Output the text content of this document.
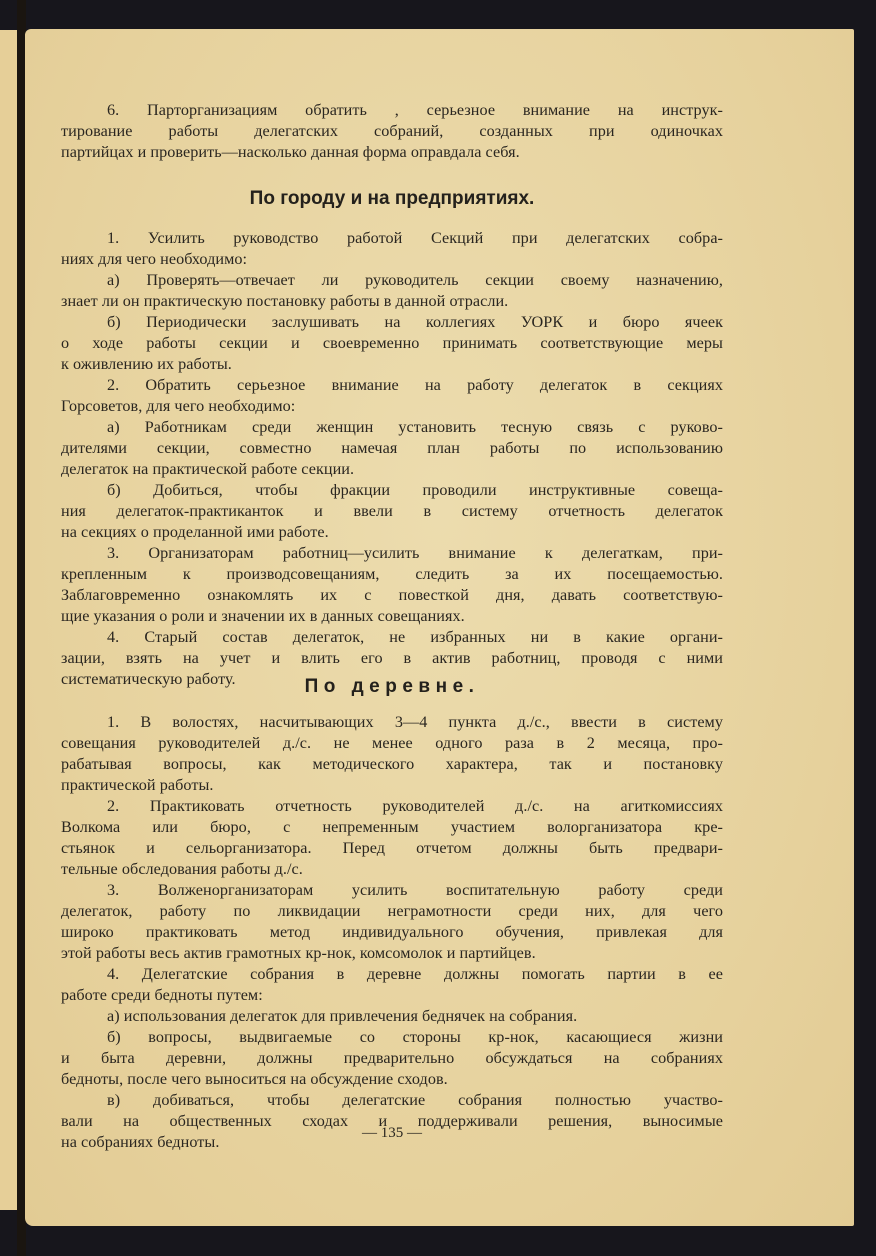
6. Парторганизациям обратить , серьезное внимание на инструк-
тирование работы делегатских собраний, созданных при одиночках
партийцах и проверить—насколько данная форма оправдала себя.
По городу и на предприятиях.
1. Усилить руководство работой Секций при делегатских собра-
ниях для чего необходимо:
а) Проверять—отвечает ли руководитель секции своему назначению,
знает ли он практическую постановку работы в данной отрасли.
б) Периодически заслушивать на коллегиях УОРК и бюро ячеек
о ходе работы секции и своевременно принимать соответствующие меры
к оживлению их работы.
2. Обратить серьезное внимание на работу делегаток в секциях
Горсоветов, для чего необходимо:
а) Работникам среди женщин установить тесную связь с руково-
дителями секции, совместно намечая план работы по использованию
делегаток на практической работе секции.
б) Добиться, чтобы фракции проводили инструктивные совеща-
ния делегаток-практиканток и ввели в систему отчетность делегаток
на секциях о проделанной ими работе.
3. Организаторам работниц—усилить внимание к делегаткам, при-
крепленным к производсовещаниям, следить за их посещаемостью.
Заблаговременно ознакомлять их с повесткой дня, давать соответствую-
щие указания о роли и значении их в данных совещаниях.
4. Старый состав делегаток, не избранных ни в какие органи-
зации, взять на учет и влить его в актив работниц, проводя с ними
систематическую работу.	По деревне.
1. В волостях, насчитывающих 3—4 пункта д./с., ввести в систему
совещания руководителей д./с. не менее одного раза в 2 месяца, про-
рабатывая вопросы, как методического характера, так и постановку
практической работы.
2. Практиковать отчетность руководителей д./с. на агиткомиссиях
Волкома или бюро, с непременным участием волорганизатора кре-
стьянок и сельорганизатора. Перед отчетом должны быть предвари-
тельные обследования работы д./с.
3. Волженорганизаторам усилить воспитательную работу среди
делегаток, работу по ликвидации неграмотности среди них, для чего
широко практиковать метод индивидуального обучения, привлекая для
этой работы весь актив грамотных кр-нок, комсомолок и партийцев.
4. Делегатские собрания в деревне должны помогать партии в ее
работе среди бедноты путем:
а) использования делегаток для привлечения беднячек на собрания.
б) вопросы, выдвигаемые со стороны кр-нок, касающиеся жизни
и быта деревни, должны предварительно обсуждаться на собраниях
бедноты, после чего выноситься на обсуждение сходов.
в) добиваться, чтобы делегатские собрания полностью участво-
вали на общественных сходах и поддерживали решения, выносимые
на собраниях бедноты.	— 135 —
